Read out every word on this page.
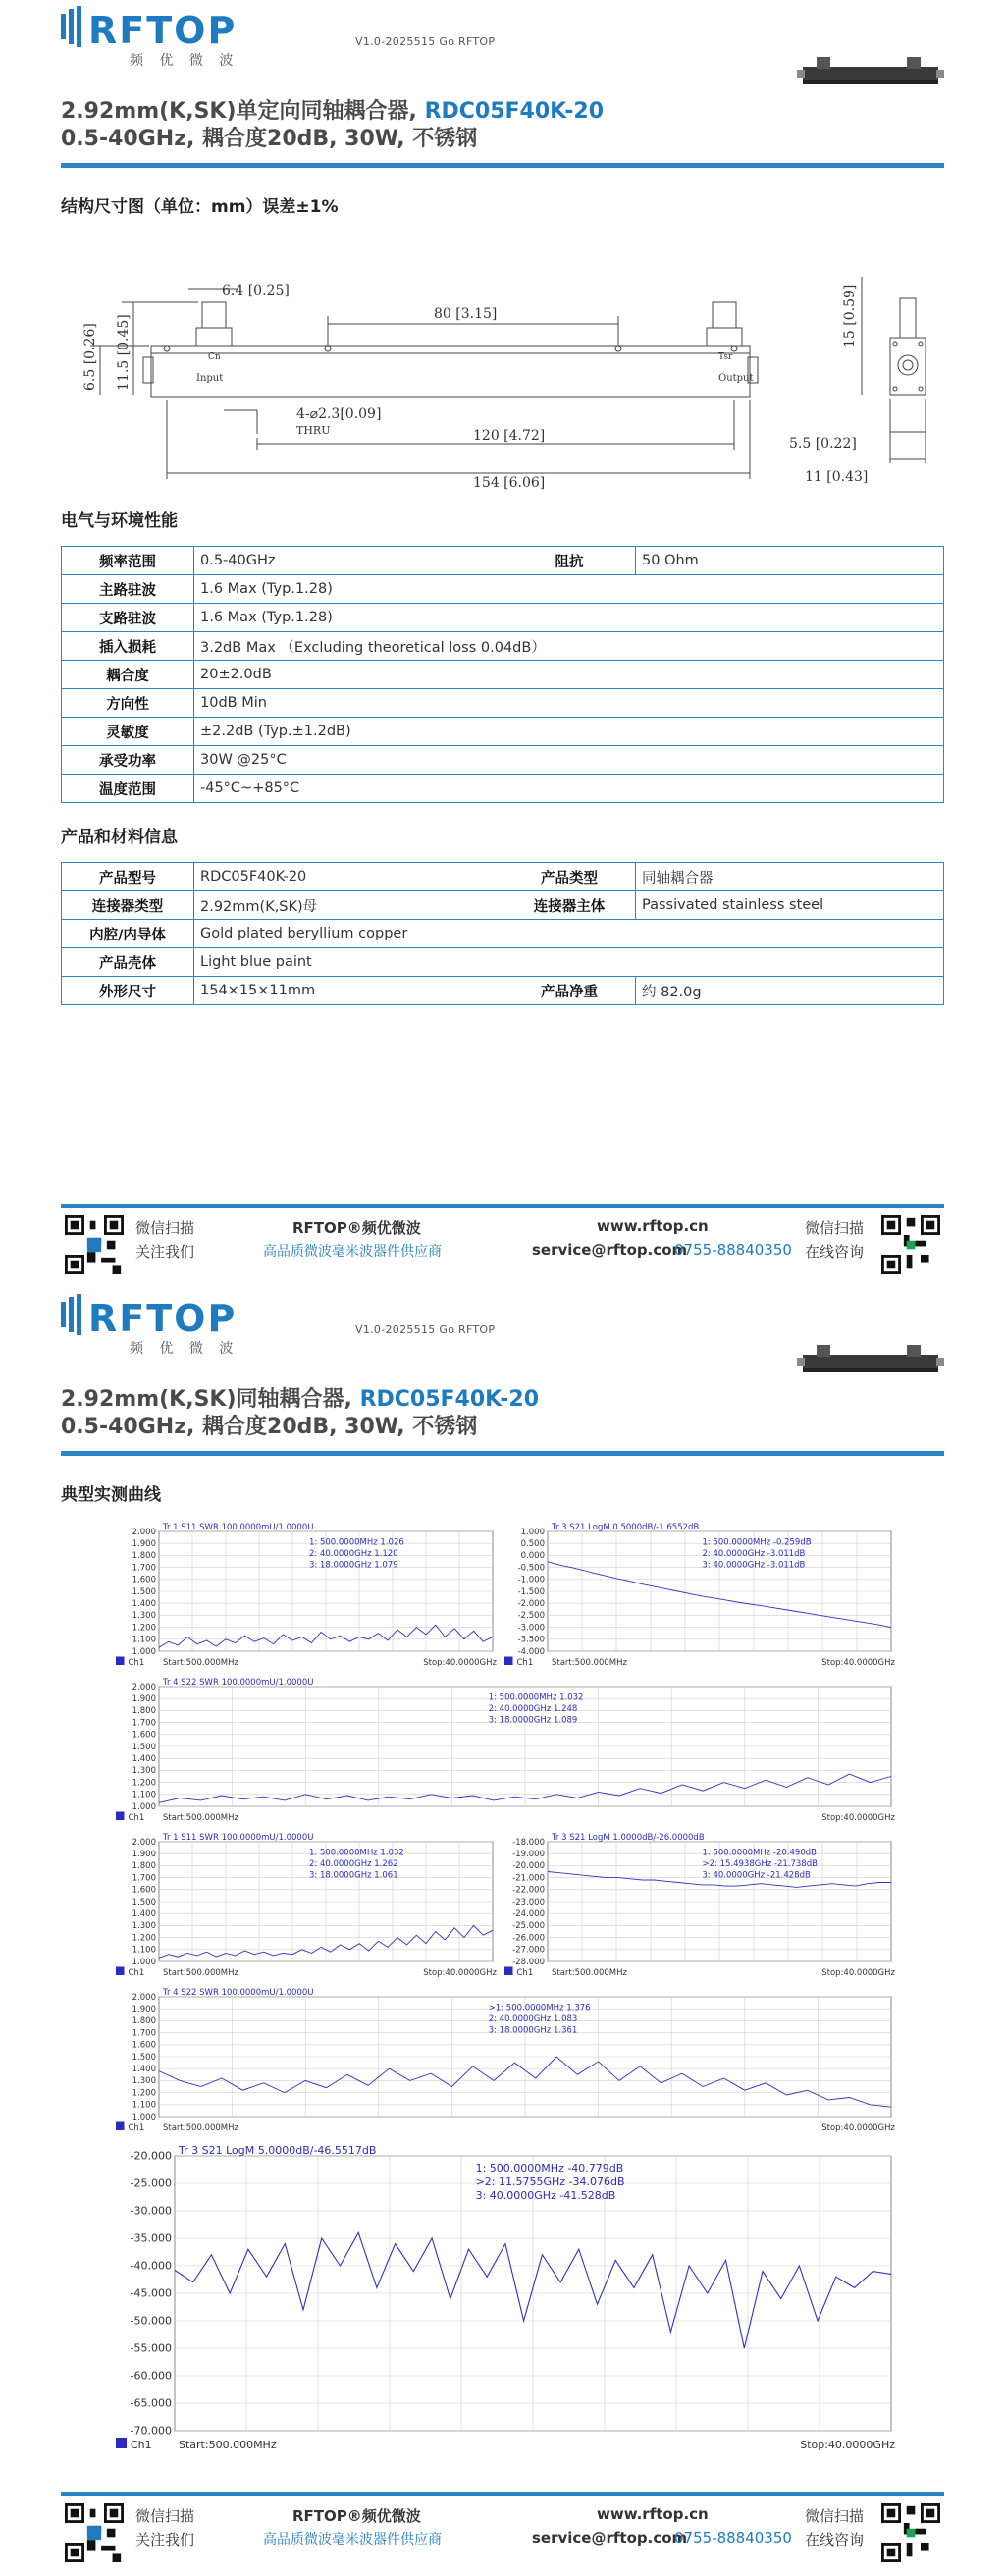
RFTOP
频 优 微 波
V1.0-2025515 Go RFTOP
2.92mm(K,SK)单定向同轴耦合器, RDC05F40K-20
0.5-40GHz, 耦合度20dB, 30W, 不锈钢
结构尺寸图（单位：mm）误差±1%
6.4 [0.25]
80 [3.15]	15 [0.59]
6.5 [0.26] 11.5 [0.45]
4-⌀2.3[0.09]
THRU	120 [4.72]
154 [6.06]
5.5 [0.22]
11 [0.43]
Cn	Tsr
Input	Output
电气与环境性能
频率范围	0.5-40GHz	阻抗	50 Ohm
主路驻波	1.6 Max (Typ.1.28)		
支路驻波	1.6 Max (Typ.1.28)		
插入损耗	3.2dB Max （Excluding theoretical loss 0.04dB）		
耦合度	20±2.0dB		
方向性	10dB Min		
灵敏度	±2.2dB (Typ.±1.2dB)		
承受功率	30W @25°C		
温度范围	-45°C~+85°C		
产品和材料信息
产品型号	RDC05F40K-20	产品类型	同轴耦合器
连接器类型	2.92mm(K,SK)母	连接器主体	Passivated stainless steel
内腔/内导体	Gold plated beryllium copper		
产品壳体	Light blue paint		
外形尺寸	154×15×11mm	产品净重	约 82.0g
微信扫描
关注我们
RFTOP®频优微波
高品质微波毫米波器件供应商
www.rftop.cn
service@rftop.com
0755-88840350
微信扫描
在线咨询
RFTOP
频 优 微 波
V1.0-2025515 Go RFTOP
2.92mm(K,SK)同轴耦合器, RDC05F40K-20
0.5-40GHz, 耦合度20dB, 30W, 不锈钢
典型实测曲线
2.000
1.900
1.800
1.700
1.600
1.500
1.400
1.300
1.200
1.100
1.000
Tr 1 S11 SWR 100.0000mU/1.0000U
1: 500.0000MHz 1.026
2: 40.0000GHz 1.120
3: 18.0000GHz 1.079
Ch1 Start:500.000MHz	Stop:40.0000GHz
1.000
0.500
0.000
-0.500
-1.000
-1.500
-2.000
-2.500
-3.000
-3.500
-4.000
Tr 3 S21 LogM 0.5000dB/-1.6552dB
1: 500.0000MHz -0.259dB
2: 40.0000GHz -3.011dB
3: 40.0000GHz -3.011dB
Ch1 Start:500.000MHz	Stop:40.0000GHz
2.000
1.900
1.800
1.700
1.600
1.500
1.400
1.300
1.200
1.100
1.000
Tr 4 S22 SWR 100.0000mU/1.0000U
1: 500.0000MHz 1.032
2: 40.0000GHz 1.248
3: 18.0000GHz 1.089
Ch1 Start:500.000MHz	Stop:40.0000GHz
2.000
1.900
1.800
1.700
1.600
1.500
1.400
1.300
1.200
1.100
1.000
Tr 1 S11 SWR 100.0000mU/1.0000U
1: 500.0000MHz 1.032
2: 40.0000GHz 1.262
3: 18.0000GHz 1.061
Ch1 Start:500.000MHz	Stop:40.0000GHz
-18.000
-19.000
-20.000
-21.000
-22.000
-23.000
-24.000
-25.000
-26.000
-27.000
-28.000
Tr 3 S21 LogM 1.0000dB/-26.0000dB
1: 500.0000MHz -20.490dB
>2: 15.4938GHz -21.738dB
3: 40.0000GHz -21.428dB
Ch1 Start:500.000MHz	Stop:40.0000GHz
2.000
1.900
1.800
1.700
1.600
1.500
1.400
1.300
1.200
1.100
1.000
Tr 4 S22 SWR 100.0000mU/1.0000U
>1: 500.0000MHz 1.376
2: 40.0000GHz 1.083
3: 18.0000GHz 1.361
Ch1 Start:500.000MHz	Stop:40.0000GHz
-20.000
-25.000
-30.000
-35.000
-40.000
-45.000
-50.000
-55.000
-60.000
-65.000
-70.000
Tr 3 S21 LogM 5.0000dB/-46.5517dB
1: 500.0000MHz -40.779dB
>2: 11.5755GHz -34.076dB
3: 40.0000GHz -41.528dB
Ch1 Start:500.000MHz	Stop:40.0000GHz
微信扫描
关注我们
RFTOP®频优微波
高品质微波毫米波器件供应商
www.rftop.cn
service@rftop.com
0755-88840350
微信扫描
在线咨询
